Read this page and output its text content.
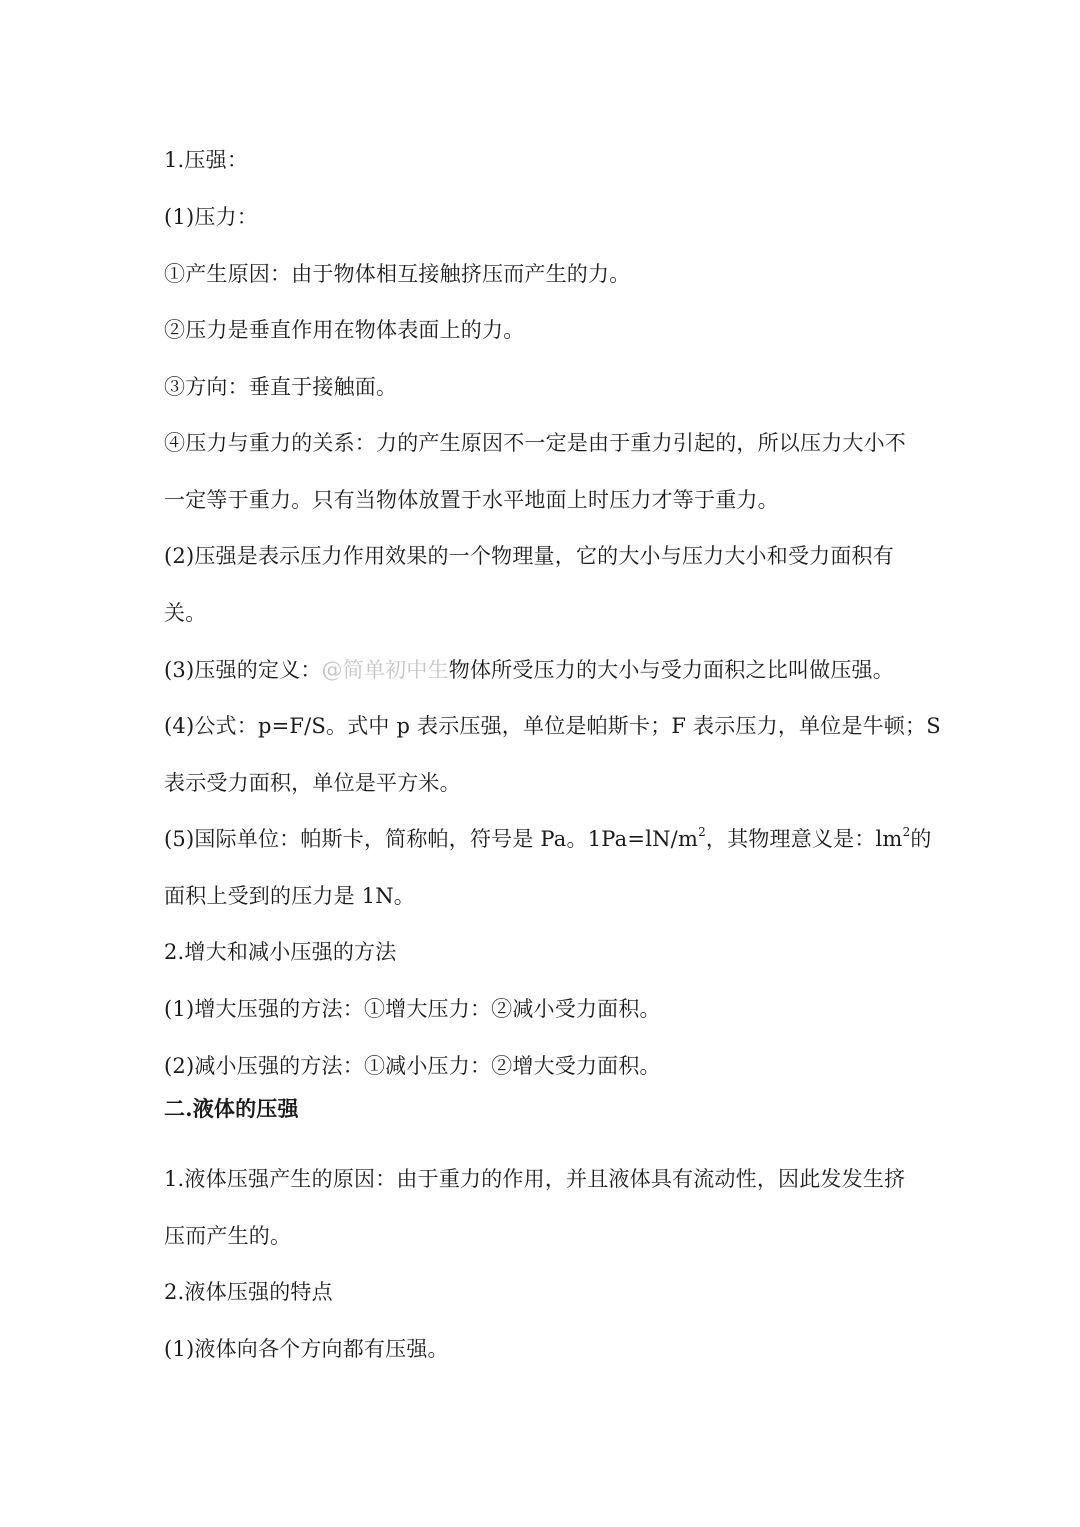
1.压强：
(1)压力：
①产生原因：由于物体相互接触挤压而产生的力。
②压力是垂直作用在物体表面上的力。
③方向：垂直于接触面。
④压力与重力的关系：力的产生原因不一定是由于重力引起的，所以压力大小不
一定等于重力。只有当物体放置于水平地面上时压力才等于重力。
(2)压强是表示压力作用效果的一个物理量，它的大小与压力大小和受力面积有
关。
(3)压强的定义：@简单初中生物体所受压力的大小与受力面积之比叫做压强。
(4)公式：p=F/S。式中 p 表示压强，单位是帕斯卡；F 表示压力，单位是牛顿；S
表示受力面积，单位是平方米。
(5)国际单位：帕斯卡，简称帕，符号是 Pa。$1Pa=lN/m^2$，其物理意义是：$lm^2$的
面积上受到的压力是 1N。
2.增大和减小压强的方法
(1)增大压强的方法：①增大压力：②减小受力面积。
(2)减小压强的方法：①减小压力：②增大受力面积。
二.液体的压强
1.液体压强产生的原因：由于重力的作用，并且液体具有流动性，因此发发生挤
压而产生的。
2.液体压强的特点
(1)液体向各个方向都有压强。
